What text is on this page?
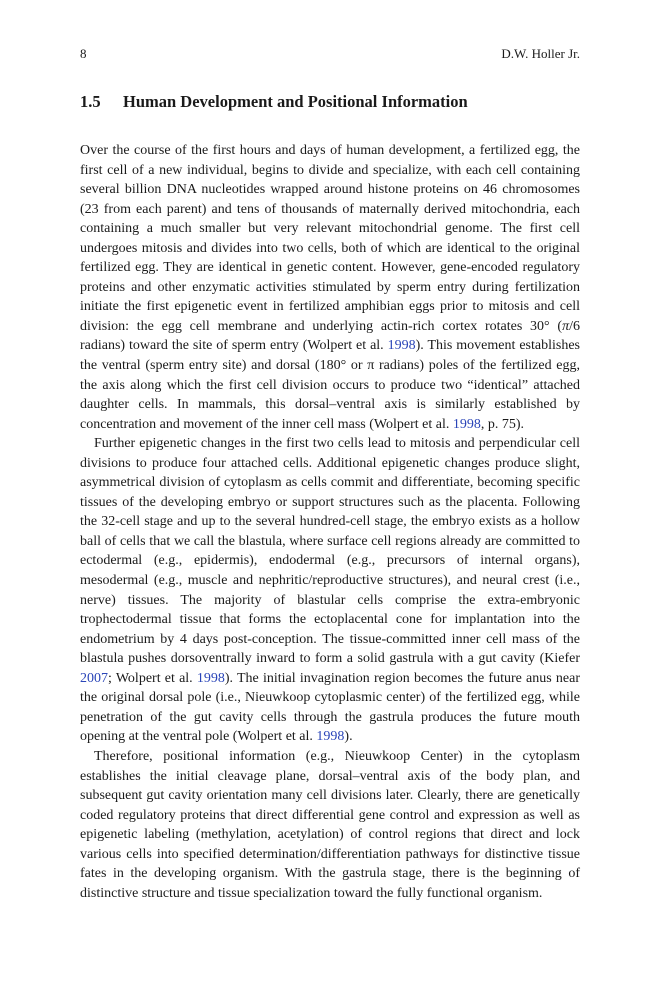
8	D.W. Holler Jr.
1.5 Human Development and Positional Information

Over the course of the first hours and days of human development, a fertilized egg, the first cell of a new individual, begins to divide and specialize, with each cell containing several billion DNA nucleotides wrapped around histone proteins on 46 chromosomes (23 from each parent) and tens of thousands of maternally derived mitochondria, each containing a much smaller but very relevant mitochondrial genome. The first cell undergoes mitosis and divides into two cells, both of which are identical to the original fertilized egg. They are identical in genetic content. However, gene-encoded regulatory proteins and other enzymatic activities stimulated by sperm entry during fertilization initiate the first epigenetic event in fertilized amphibian eggs prior to mitosis and cell division: the egg cell membrane and underlying actin-rich cortex rotates 30° (π/6 radians) toward the site of sperm entry (Wolpert et al. 1998). This movement establishes the ventral (sperm entry site) and dorsal (180° or π radians) poles of the fertilized egg, the axis along which the first cell division occurs to produce two “identical” attached daughter cells. In mammals, this dorsal–ventral axis is similarly established by concentration and movement of the inner cell mass (Wolpert et al. 1998, p. 75).

Further epigenetic changes in the first two cells lead to mitosis and perpendicular cell divisions to produce four attached cells. Additional epigenetic changes produce slight, asymmetrical division of cytoplasm as cells commit and differentiate, becoming specific tissues of the developing embryo or support structures such as the placenta. Following the 32-cell stage and up to the several hundred-cell stage, the embryo exists as a hollow ball of cells that we call the blastula, where surface cell regions already are committed to ectodermal (e.g., epidermis), endodermal (e.g., precursors of internal organs), mesodermal (e.g., muscle and nephritic/reproductive structures), and neural crest (i.e., nerve) tissues. The majority of blastular cells comprise the extra-embryonic trophectodermal tissue that forms the ectoplacental cone for implantation into the endometrium by 4 days post-conception. The tissue-committed inner cell mass of the blastula pushes dorsoventrally inward to form a solid gastrula with a gut cavity (Kiefer 2007; Wolpert et al. 1998). The initial invagination region becomes the future anus near the original dorsal pole (i.e., Nieuwkoop cytoplasmic center) of the fertilized egg, while penetration of the gut cavity cells through the gastrula produces the future mouth opening at the ventral pole (Wolpert et al. 1998).

Therefore, positional information (e.g., Nieuwkoop Center) in the cytoplasm establishes the initial cleavage plane, dorsal–ventral axis of the body plan, and subsequent gut cavity orientation many cell divisions later. Clearly, there are genetically coded regulatory proteins that direct differential gene control and expression as well as epigenetic labeling (methylation, acetylation) of control regions that direct and lock various cells into specified determination/differentiation pathways for distinctive tissue fates in the developing organism. With the gastrula stage, there is the beginning of distinctive structure and tissue specialization toward the fully functional organism.
